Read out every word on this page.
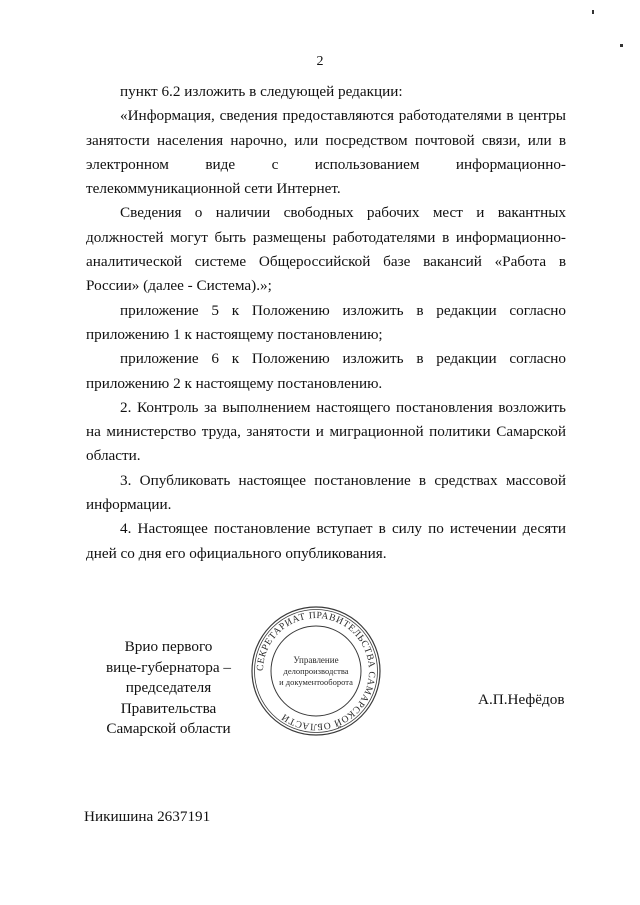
2

пункт 6.2 изложить в следующей редакции:

«Информация, сведения предоставляются работодателями в центры занятости населения нарочно, или посредством почтовой связи, или в электронном виде с использованием информационно-телекоммуникационной сети Интернет.

Сведения о наличии свободных рабочих мест и вакантных должностей могут быть размещены работодателями в информационно-аналитической системе Общероссийской базе вакансий «Работа в России» (далее - Система).»;

приложение 5 к Положению изложить в редакции согласно приложению 1 к настоящему постановлению;

приложение 6 к Положению изложить в редакции согласно приложению 2 к настоящему постановлению.

2. Контроль за выполнением настоящего постановления возложить на министерство труда, занятости и миграционной политики Самарской области.

3. Опубликовать настоящее постановление в средствах массовой информации.

4. Настоящее постановление вступает в силу по истечении десяти дней со дня его официального опубликования.

Врио первого
вице-губернатора –
председателя Правительства
Самарской области
А.П.Нефёдов
СЕКРЕТАРИАТ ПРАВИТЕЛЬСТВА САМАРСКОЙ ОБЛАСТИ
Управление
делопроизводства
и документооборота
Никишина 2637191
